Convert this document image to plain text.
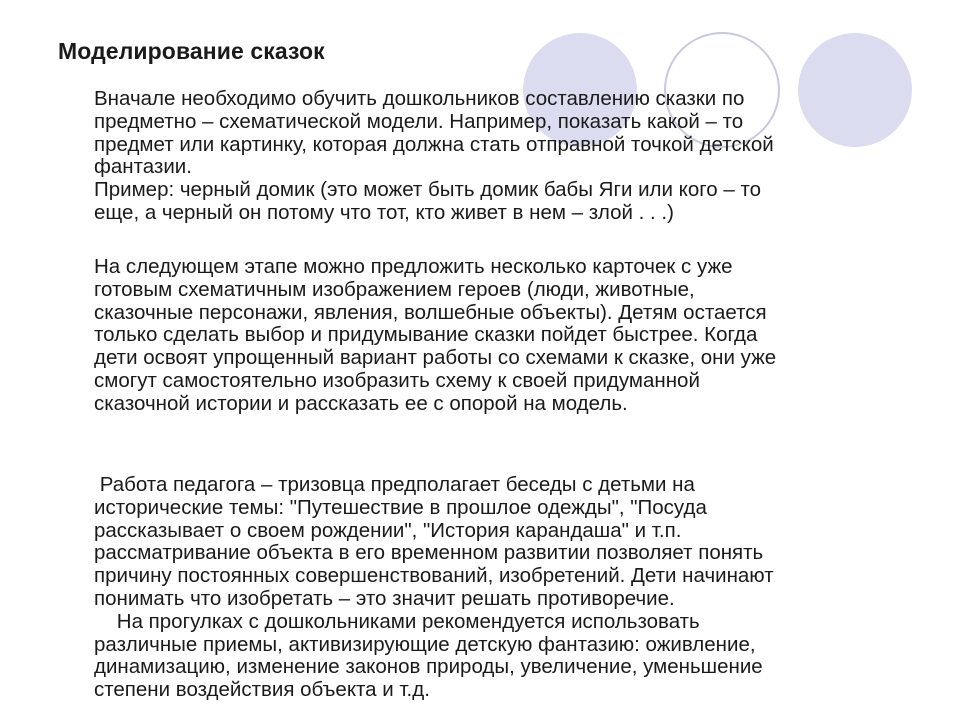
Моделирование сказок

Вначале необходимо обучить дошкольников составлению сказки по
предметно – схематической модели. Например, показать какой – то
предмет или картинку, которая должна стать отправной точкой детской
фантазии.
Пример: черный домик (это может быть домик бабы Яги или кого – то
еще, а черный он потому что тот, кто живет в нем – злой . . .)

На следующем этапе можно предложить несколько карточек с уже
готовым схематичным изображением героев (люди, животные,
сказочные персонажи, явления, волшебные объекты). Детям остается
только сделать выбор и придумывание сказки пойдет быстрее. Когда
дети освоят упрощенный вариант работы со схемами к сказке, они уже
смогут самостоятельно изобразить схему к своей придуманной
сказочной истории и рассказать ее с опорой на модель.

Работа педагога – тризовца предполагает беседы с детьми на
исторические темы: "Путешествие в прошлое одежды", "Посуда
рассказывает о своем рождении", "История карандаша" и т.п.
рассматривание объекта в его временном развитии позволяет понять
причину постоянных совершенствований, изобретений. Дети начинают
понимать что изобретать – это значит решать противоречие.
На прогулках с дошкольниками рекомендуется использовать
различные приемы, активизирующие детскую фантазию: оживление,
динамизацию, изменение законов природы, увеличение, уменьшение
степени воздействия объекта и т.д.
